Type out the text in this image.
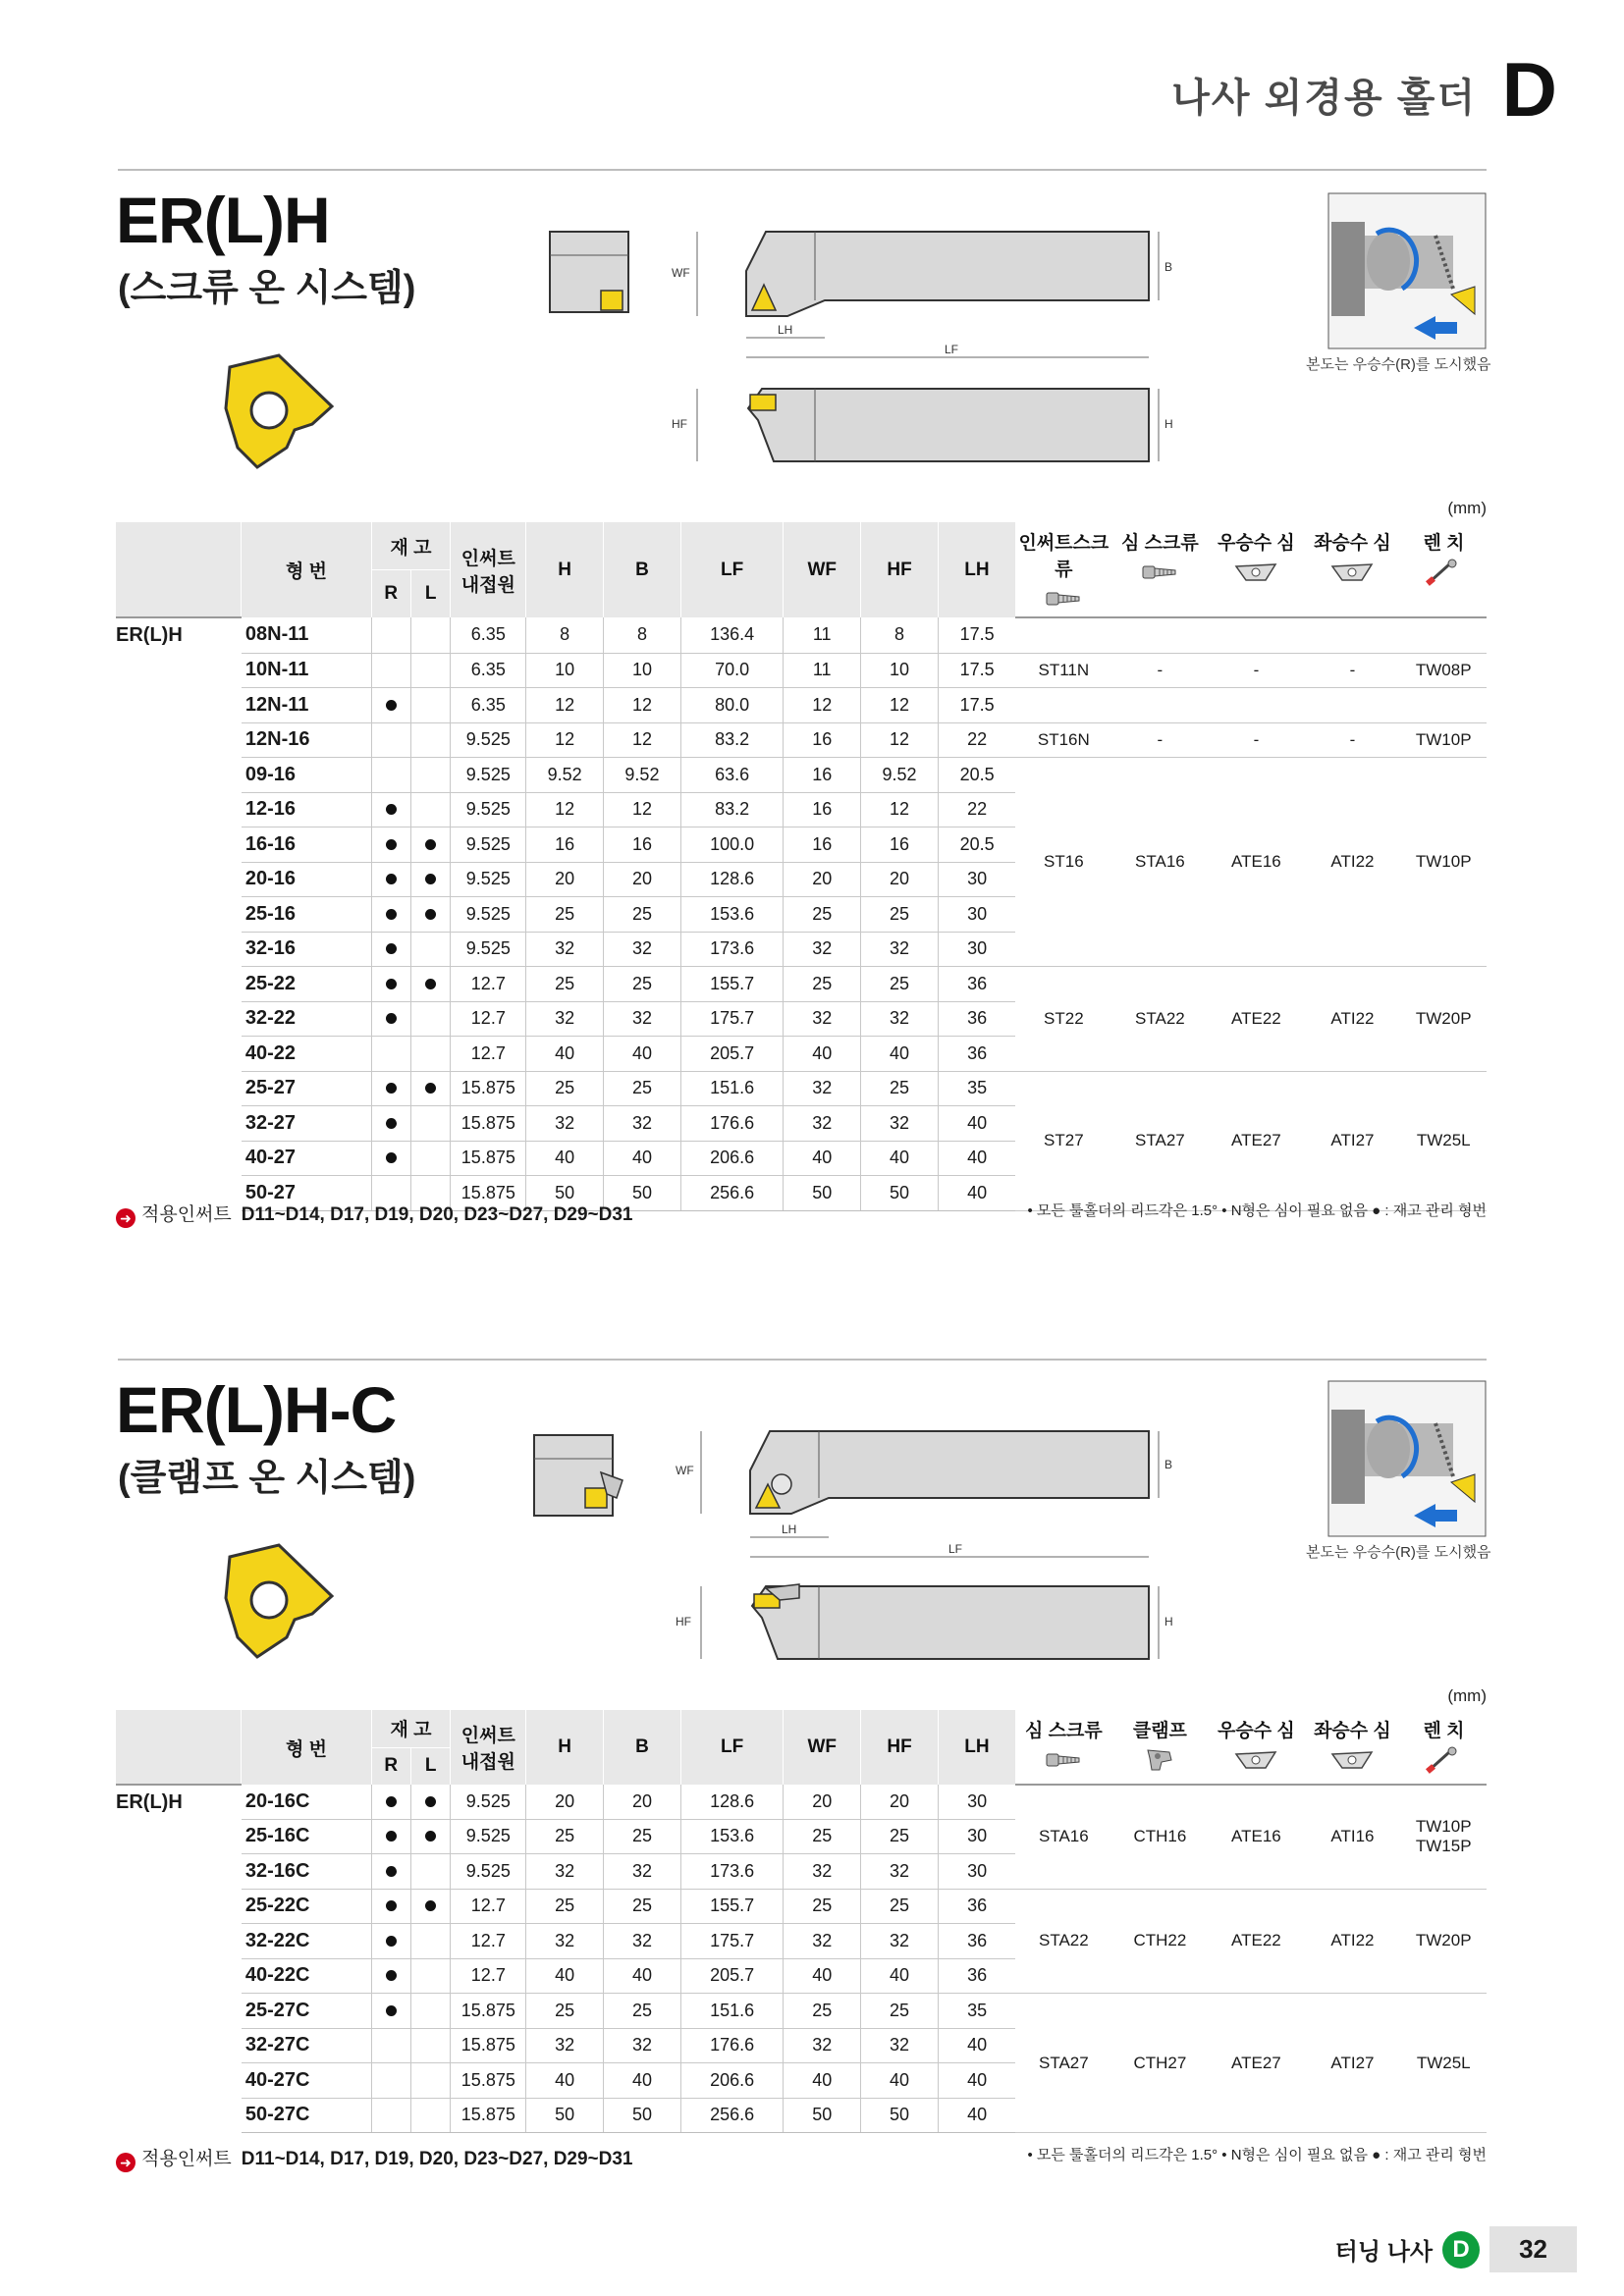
나사 외경용 홀더 D
ER(L)H
(스크류 온 시스템)	WF	B
LH
LF
HF	H
본도는 우승수(R)를 도시했음
(mm)
	형 번	재 고		인써트 내접원	H	B	LF	WF	HF	LH	인써트스크류	심 스크류	우승수 심	좌승수 심	렌 치

		R	L												
ER(L)H	08N-11			6.35	8	8	136.4	11	8	17.5					
	10N-11			6.35	10	10	70.0	11	10	17.5	ST11N	-	-	-	TW08P
	12N-11			6.35	12	12	80.0	12	12	17.5					
	12N-16			9.525	12	12	83.2	16	12	22	ST16N	-	-	-	TW10P
	09-16			9.525	9.52	9.52	63.6	16	9.52	20.5	ST16	STA16	ATE16	ATI22	TW10P
	12-16			9.525	12	12	83.2	16	12	22					
	16-16			9.525	16	16	100.0	16	16	20.5					
	20-16			9.525	20	20	128.6	20	20	30					
	25-16			9.525	25	25	153.6	25	25	30					
	32-16			9.525	32	32	173.6	32	32	30					
	25-22			12.7	25	25	155.7	25	25	36	ST22	STA22	ATE22	ATI22	TW20P
	32-22			12.7	32	32	175.7	32	32	36					
	40-22			12.7	40	40	205.7	40	40	36					
	25-27			15.875	25	25	151.6	32	25	35	ST27	STA27	ATE27	ATI27	TW25L
	32-27			15.875	32	32	176.6	32	32	40					
	40-27			15.875	40	40	206.6	40	40	40					
	50-27			15.875	50	50	256.6	50	50	40					
➜ 적용인써트 D11~D14, D17, D19, D20, D23~D27, D29~D31	• 모든 툴홀더의 리드각은 1.5° • N형은 심이 필요 없음 ● : 재고 관리 형번
ER(L)H-C
(클램프 온 시스템)	WF	B
LH
LF
HF	H
본도는 우승수(R)를 도시했음
(mm)
	형 번	재 고		인써트 내접원	H	B	LF	WF	HF	LH	심 스크류	클램프	우승수 심	좌승수 심	렌 치

		R	L												
ER(L)H	20-16C			9.525	20	20	128.6	20	20	30	STA16	CTH16	ATE16	ATI16	TW10P
TW15P
	25-16C			9.525	25	25	153.6	25	25	30					
	32-16C			9.525	32	32	173.6	32	32	30					
	25-22C			12.7	25	25	155.7	25	25	36	STA22	CTH22	ATE22	ATI22	TW20P
	32-22C			12.7	32	32	175.7	32	32	36					
	40-22C			12.7	40	40	205.7	40	40	36					
	25-27C			15.875	25	25	151.6	25	25	35	STA27	CTH27	ATE27	ATI27	TW25L
	32-27C			15.875	32	32	176.6	32	32	40					
	40-27C			15.875	40	40	206.6	40	40	40					
	50-27C			15.875	50	50	256.6	50	50	40					
➜ 적용인써트 D11~D14, D17, D19, D20, D23~D27, D29~D31	• 모든 툴홀더의 리드각은 1.5° • N형은 심이 필요 없음 ● : 재고 관리 형번
터닝 나사 D	32
